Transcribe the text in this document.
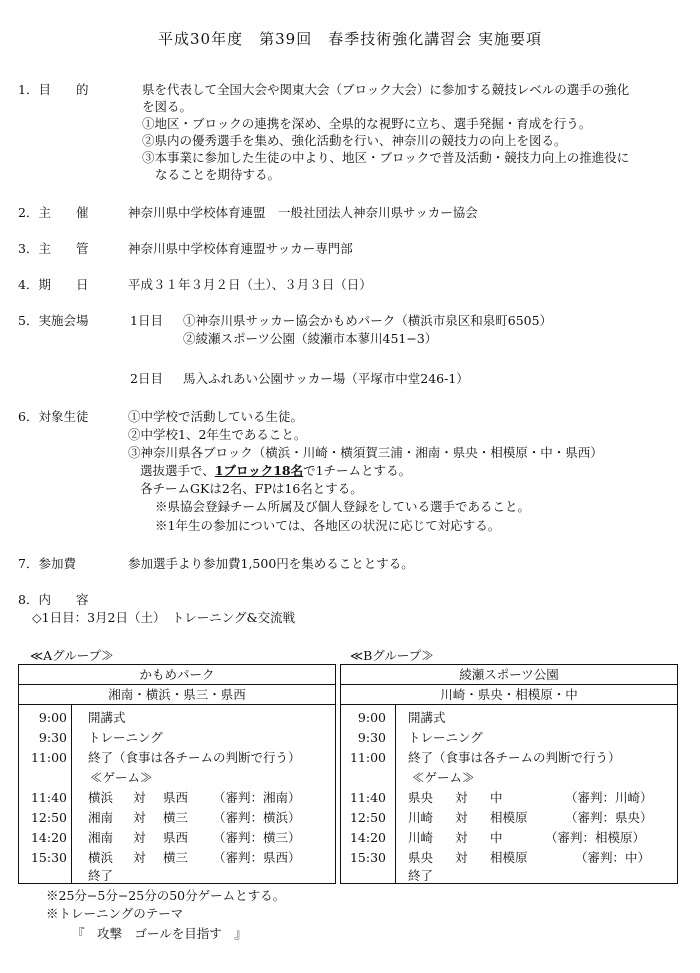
平成30年度　第39回　春季技術強化講習会 実施要項
1．目　　的	県を代表して全国大会や関東大会（ブロック大会）に参加する競技レベルの選手の強化
を図る。
①地区・ブロックの連携を深め、全県的な視野に立ち、選手発掘・育成を行う。
②県内の優秀選手を集め、強化活動を行い、神奈川の競技力の向上を図る。
③本事業に参加した生徒の中より、地区・ブロックで普及活動・競技力向上の推進役に
なることを期待する。
2．主　　催	神奈川県中学校体育連盟　一般社団法人神奈川県サッカー協会
3．主　　管	神奈川県中学校体育連盟サッカー専門部
4．期　　日	平成３１年３月２日（土）、３月３日（日）
5．実施会場	1日目 ①神奈川県サッカー協会かもめパーク（横浜市泉区和泉町6505）
②綾瀬スポーツ公園（綾瀬市本蓼川451−3）
2日目 馬入ふれあい公園サッカー場（平塚市中堂246-1）
6．対象生徒	①中学校で活動している生徒。
②中学校1、2年生であること。
③神奈川県各ブロック（横浜・川崎・横須賀三浦・湘南・県央・相模原・中・県西）
選抜選手で、1ブロック18名で1チームとする。
各チームGKは2名、FPは16名とする。
※県協会登録チーム所属及び個人登録をしている選手であること。
※1年生の参加については、各地区の状況に応じて対応する。
7．参加費	参加選手より参加費1,500円を集めることとする。
8．内　　容
◇1日目：3月2日（土）　トレーニング&交流戦
≪Aグループ≫	≪Bグループ≫
かもめパーク
湘南・横浜・県三・県西
9:00 開講式
9:30 トレーニング
11:00 終了（食事は各チームの判断で行う）
≪ゲーム≫
11:40 横浜 対 県西 （審判：湘南）
12:50 湘南 対 横三 （審判：横浜）
14:20 湘南 対 県西 （審判：横三）
15:30 横浜 対 横三 （審判：県西）
終了
綾瀬スポーツ公園
川崎・県央・相模原・中
9:00 開講式
9:30 トレーニング
11:00 終了（食事は各チームの判断で行う）
≪ゲーム≫
11:40 県央 対 中	（審判：川崎）
12:50 川崎 対 相模原	（審判：県央）
14:20 川崎 対 中	（審判：相模原）
15:30 県央 対 相模原	（審判：中）
終了
※25分−5分−25分の50分ゲームとする。
※トレーニングのテーマ
『　攻撃　ゴールを目指す　』
